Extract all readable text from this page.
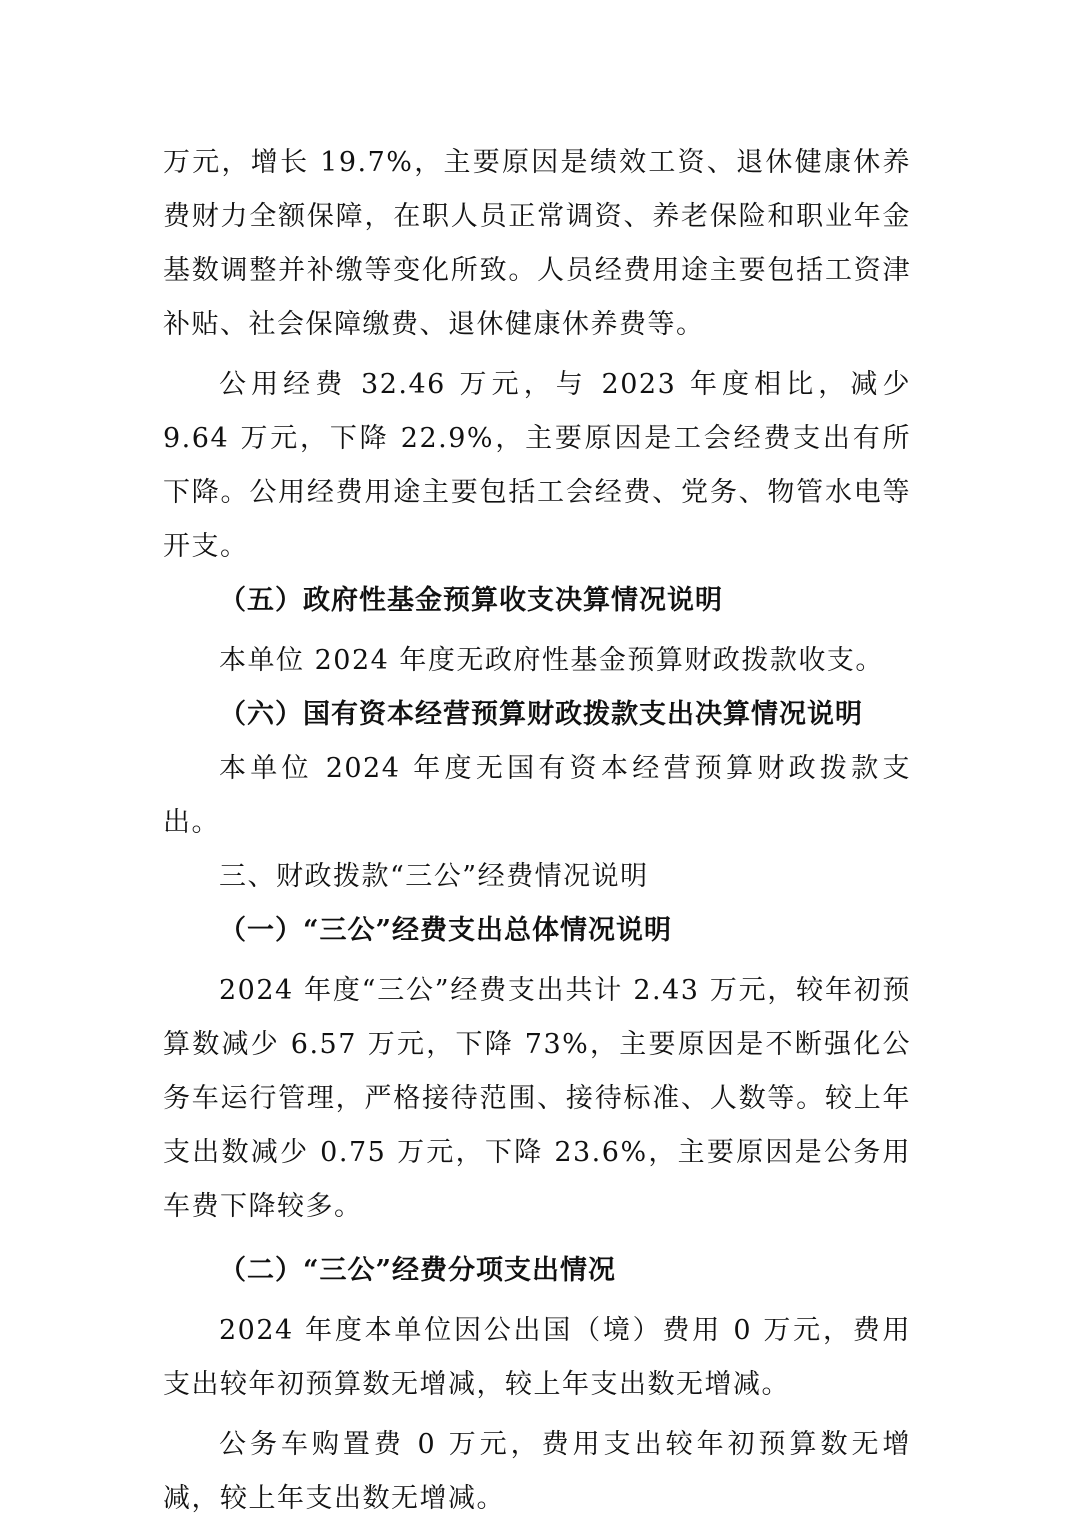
万元，增长 19.7%，主要原因是绩效工资、退休健康休养费财力全额保障，在职人员正常调资、养老保险和职业年金基数调整并补缴等变化所致。人员经费用途主要包括工资津补贴、社会保障缴费、退休健康休养费等。

公用经费 32.46 万元，与 2023 年度相比，减少 9.64 万元，下降 22.9%，主要原因是工会经费支出有所下降。公用经费用途主要包括工会经费、党务、物管水电等开支。

（五）政府性基金预算收支决算情况说明

本单位 2024 年度无政府性基金预算财政拨款收支。

（六）国有资本经营预算财政拨款支出决算情况说明

本单位 2024 年度无国有资本经营预算财政拨款支出。

三、财政拨款“三公”经费情况说明

（一）“三公”经费支出总体情况说明

2024 年度“三公”经费支出共计 2.43 万元，较年初预算数减少 6.57 万元，下降 73%，主要原因是不断强化公务车运行管理，严格接待范围、接待标准、人数等。较上年支出数减少 0.75 万元，下降 23.6%，主要原因是公务用车费下降较多。

（二）“三公”经费分项支出情况

2024 年度本单位因公出国（境）费用 0 万元，费用支出较年初预算数无增减，较上年支出数无增减。

公务车购置费 0 万元，费用支出较年初预算数无增减，较上年支出数无增减。
